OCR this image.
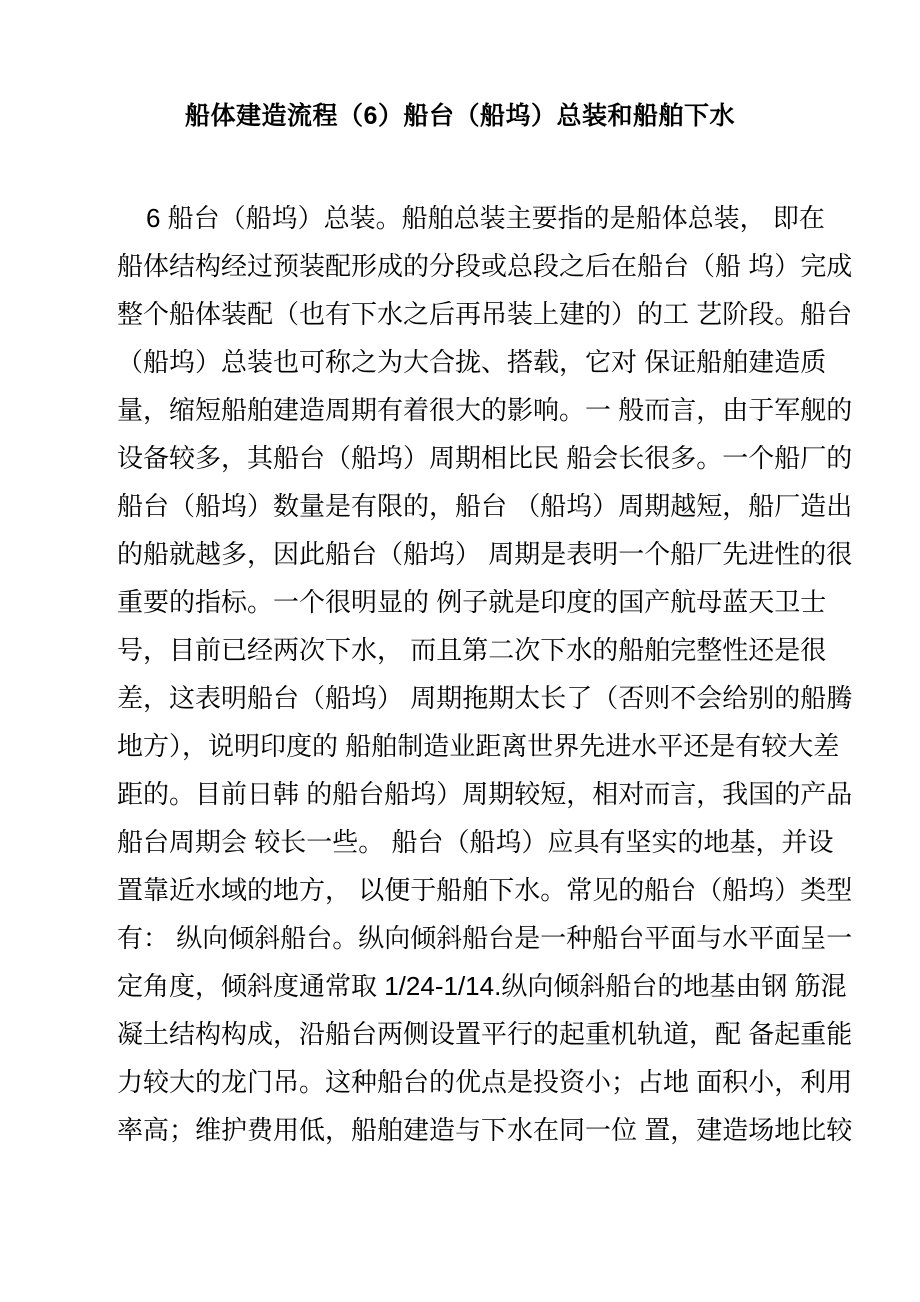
船体建造流程（6）船台（船坞）总装和船舶下水
6 船台（船坞）总装。船舶总装主要指的是船体总装， 即在
船体结构经过预装配形成的分段或总段之后在船台（船 坞）完成
整个船体装配（也有下水之后再吊装上建的）的工 艺阶段。船台
（船坞）总装也可称之为大合拢、搭载，它对 保证船舶建造质
量，缩短船舶建造周期有着很大的影响。一 般而言，由于军舰的
设备较多，其船台（船坞）周期相比民 船会长很多。一个船厂的
船台（船坞）数量是有限的，船台 （船坞）周期越短，船厂造出
的船就越多，因此船台（船坞） 周期是表明一个船厂先进性的很
重要的指标。一个很明显的 例子就是印度的国产航母蓝天卫士
号，目前已经两次下水， 而且第二次下水的船舶完整性还是很
差，这表明船台（船坞） 周期拖期太长了（否则不会给别的船腾
地方），说明印度的 船舶制造业距离世界先进水平还是有较大差
距的。目前日韩 的船台船坞）周期较短，相对而言，我国的产品
船台周期会 较长一些。 船台（船坞）应具有坚实的地基，并设
置靠近水域的地方， 以便于船舶下水。常见的船台（船坞）类型
有： 纵向倾斜船台。纵向倾斜船台是一种船台平面与水平面呈一
定角度，倾斜度通常取 1/24-1/14.纵向倾斜船台的地基由钢 筋混
凝土结构构成，沿船台两侧设置平行的起重机轨道，配 备起重能
力较大的龙门吊。这种船台的优点是投资小；占地 面积小，利用
率高；维护费用低，船舶建造与下水在同一位 置，建造场地比较
